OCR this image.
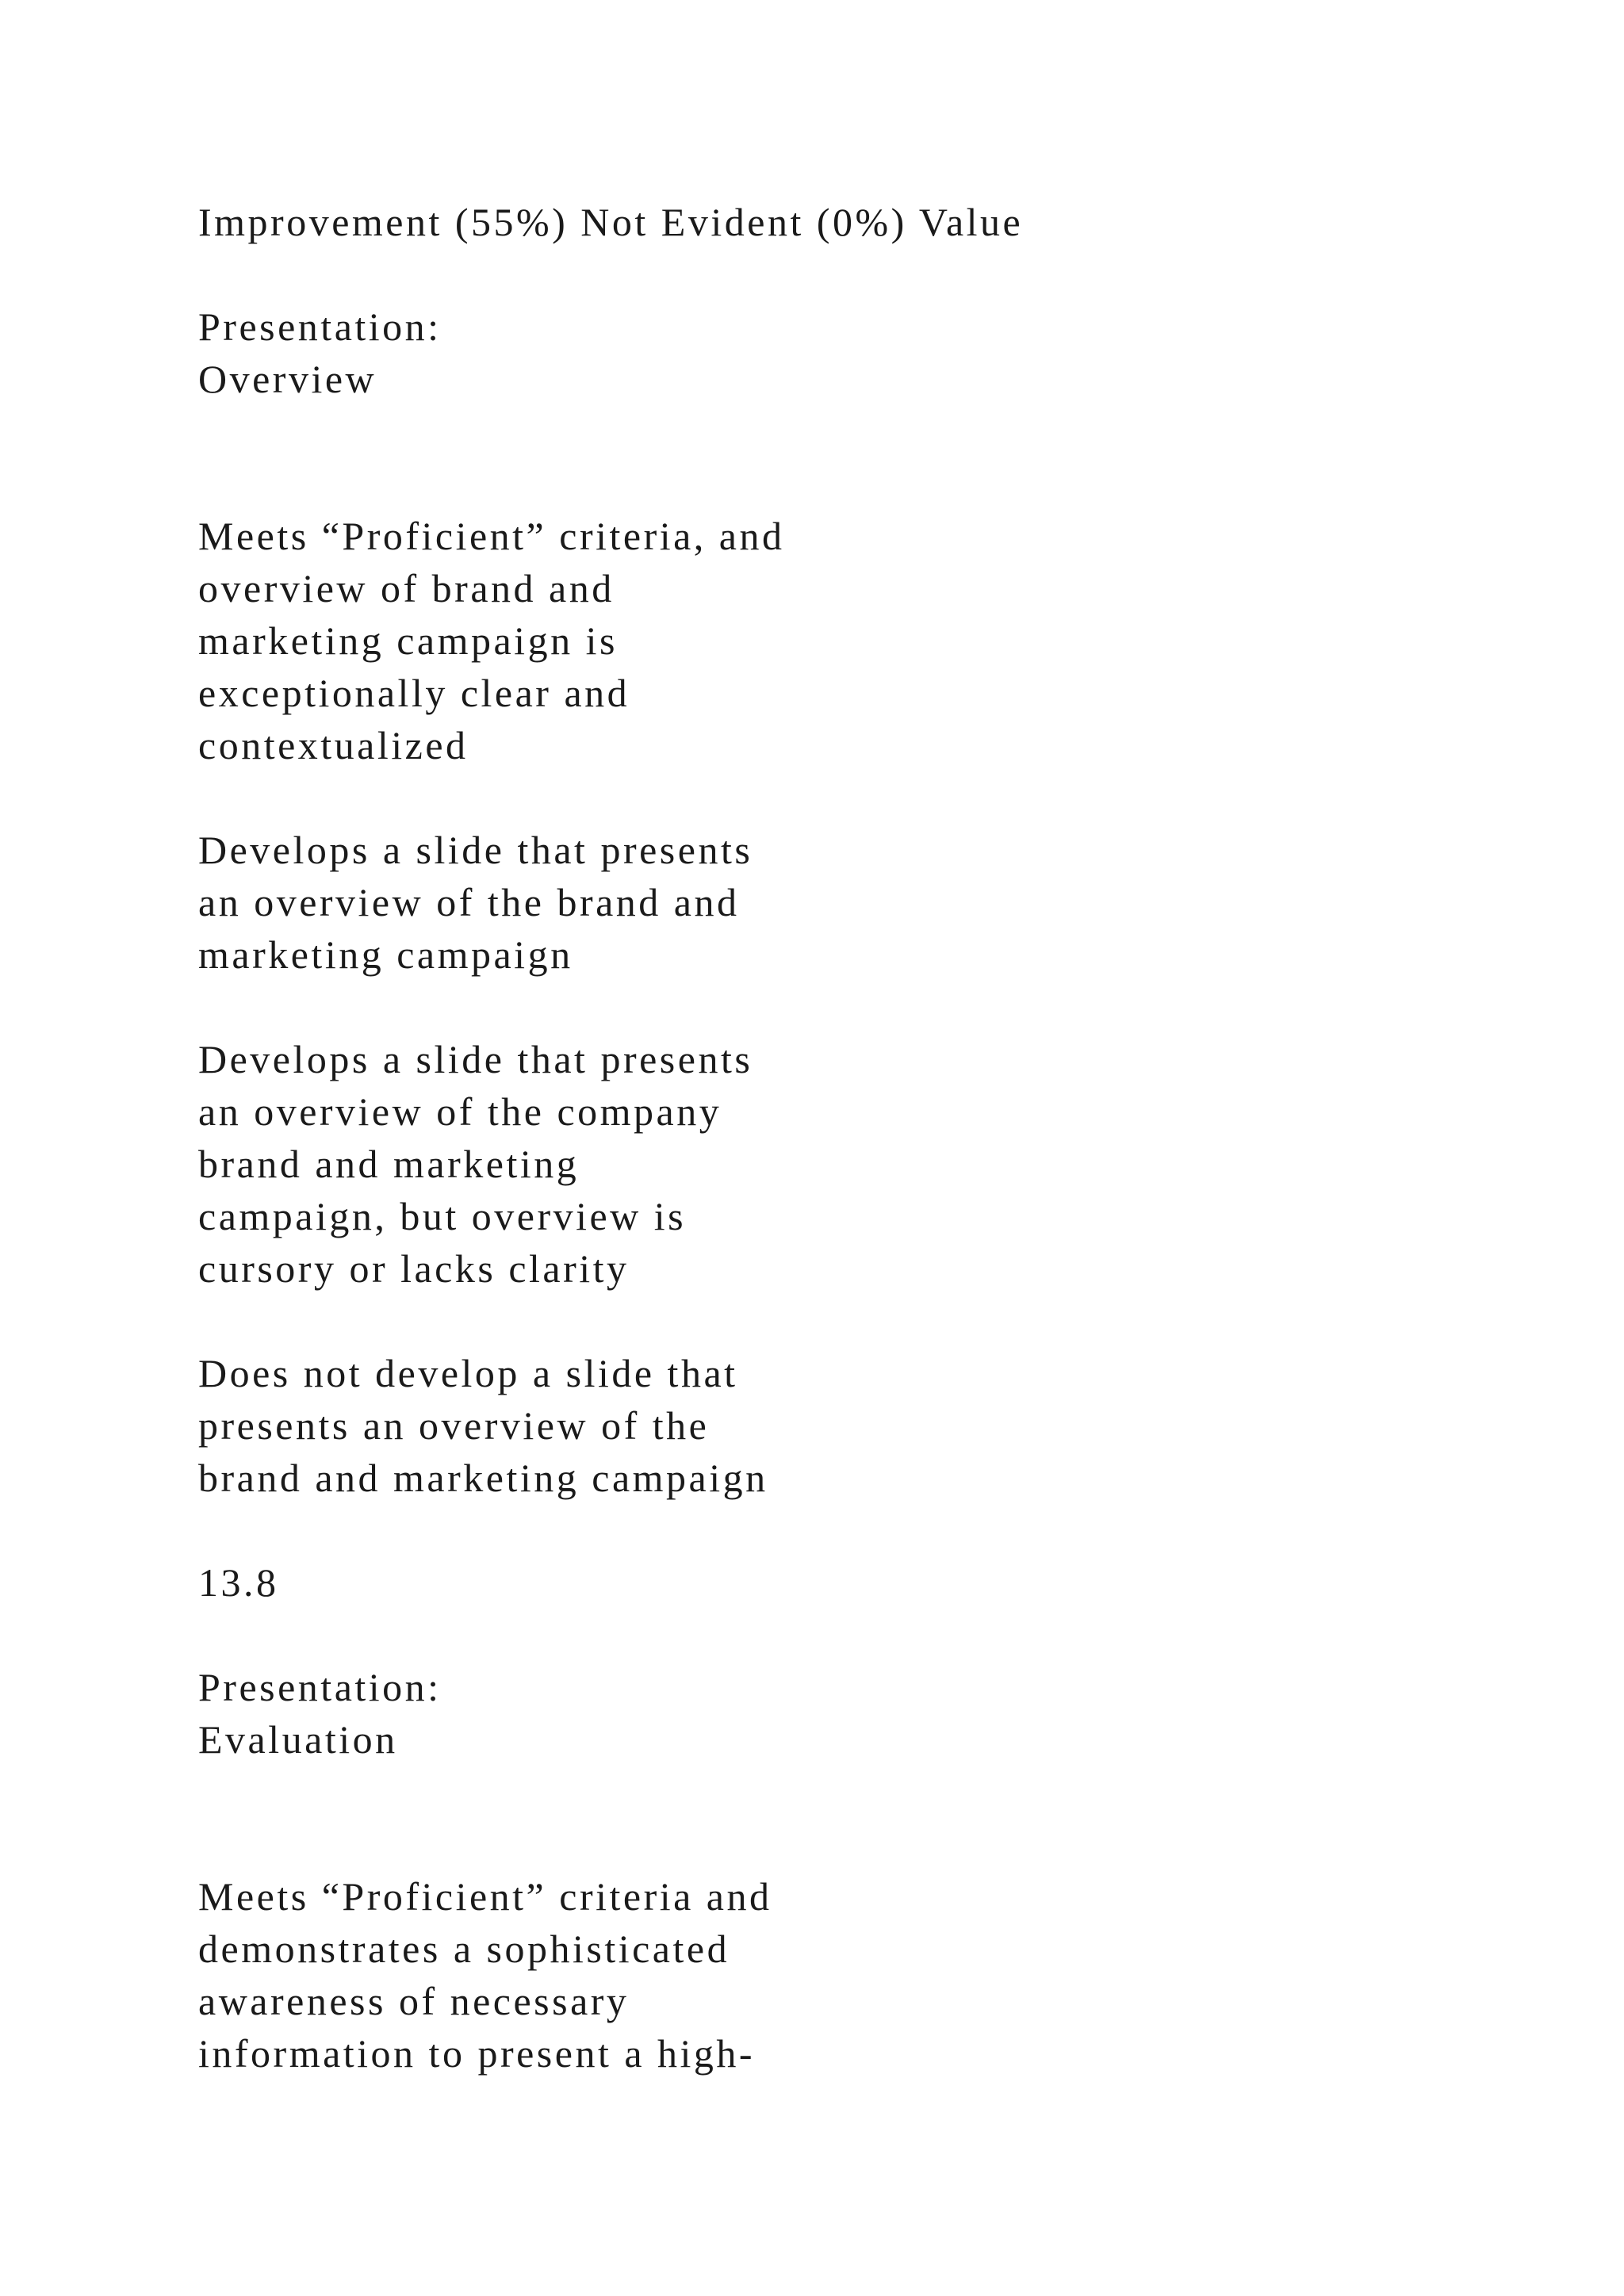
Improvement (55%) Not Evident (0%) Value

Presentation:
Overview

Meets “Proficient” criteria, and
overview of brand and
marketing campaign is
exceptionally clear and
contextualized

Develops a slide that presents
an overview of the brand and
marketing campaign

Develops a slide that presents
an overview of the company
brand and marketing
campaign, but overview is
cursory or lacks clarity

Does not develop a slide that
presents an overview of the
brand and marketing campaign

13.8

Presentation:
Evaluation

Meets “Proficient” criteria and
demonstrates a sophisticated
awareness of necessary
information to present a high-
